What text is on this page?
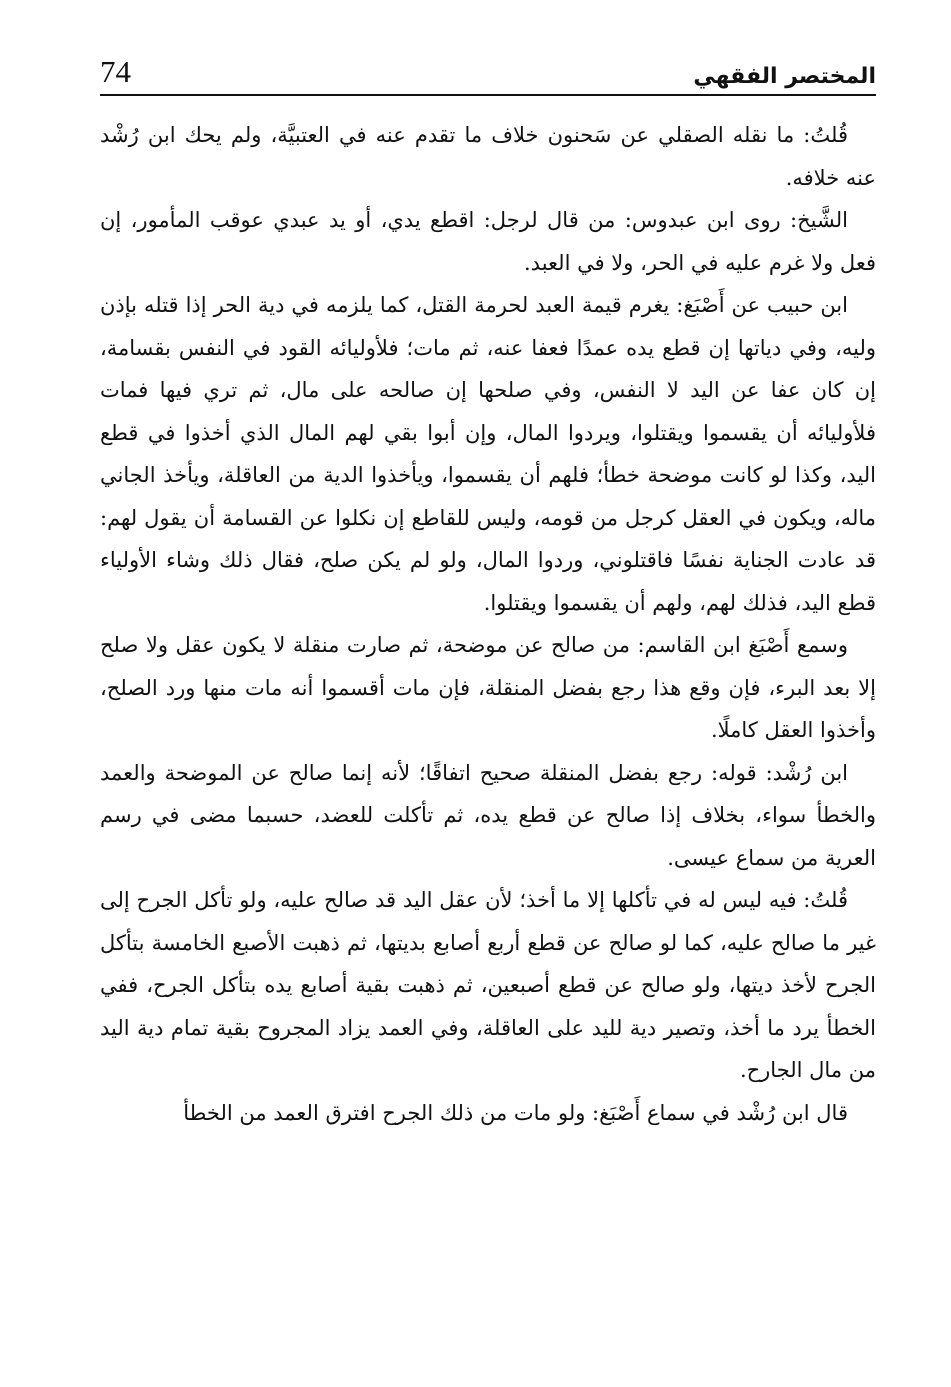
74	المختصر الفقهي

قُلتُ: ما نقله الصقلي عن سَحنون خلاف ما تقدم عنه في العتبيَّة، ولم يحك ابن رُشْد عنه خلافه.

الشَّيخ: روى ابن عبدوس: من قال لرجل: اقطع يدي، أو يد عبدي عوقب المأمور، إن فعل ولا غرم عليه في الحر، ولا في العبد.

ابن حبيب عن أَصْبَغ: يغرم قيمة العبد لحرمة القتل، كما يلزمه في دية الحر إذا قتله بإذن وليه، وفي دياتها إن قطع يده عمدًا فعفا عنه، ثم مات؛ فلأوليائه القود في النفس بقسامة، إن كان عفا عن اليد لا النفس، وفي صلحها إن صالحه على مال، ثم تري فيها فمات فلأوليائه أن يقسموا ويقتلوا، ويردوا المال، وإن أبوا بقي لهم المال الذي أخذوا في قطع اليد، وكذا لو كانت موضحة خطأ؛ فلهم أن يقسموا، ويأخذوا الدية من العاقلة، ويأخذ الجاني ماله، ويكون في العقل كرجل من قومه، وليس للقاطع إن نكلوا عن القسامة أن يقول لهم: قد عادت الجناية نفسًا فاقتلوني، وردوا المال، ولو لم يكن صلح، فقال ذلك وشاء الأولياء قطع اليد، فذلك لهم، ولهم أن يقسموا ويقتلوا.

وسمع أَصْبَغ ابن القاسم: من صالح عن موضحة، ثم صارت منقلة لا يكون عقل ولا صلح إلا بعد البرء، فإن وقع هذا رجع بفضل المنقلة، فإن مات أقسموا أنه مات منها ورد الصلح، وأخذوا العقل كاملًا.

ابن رُشْد: قوله: رجع بفضل المنقلة صحيح اتفاقًا؛ لأنه إنما صالح عن الموضحة والعمد والخطأ سواء، بخلاف إذا صالح عن قطع يده، ثم تأكلت للعضد، حسبما مضى في رسم العرية من سماع عيسى.

قُلتُ: فيه ليس له في تأكلها إلا ما أخذ؛ لأن عقل اليد قد صالح عليه، ولو تأكل الجرح إلى غير ما صالح عليه، كما لو صالح عن قطع أربع أصابع بديتها، ثم ذهبت الأصبع الخامسة بتأكل الجرح لأخذ ديتها، ولو صالح عن قطع أصبعين، ثم ذهبت بقية أصابع يده بتأكل الجرح، ففي الخطأ يرد ما أخذ، وتصير دية لليد على العاقلة، وفي العمد يزاد المجروح بقية تمام دية اليد من مال الجارح.

قال ابن رُشْد في سماع أَصْبَغ: ولو مات من ذلك الجرح افترق العمد من الخطأ
